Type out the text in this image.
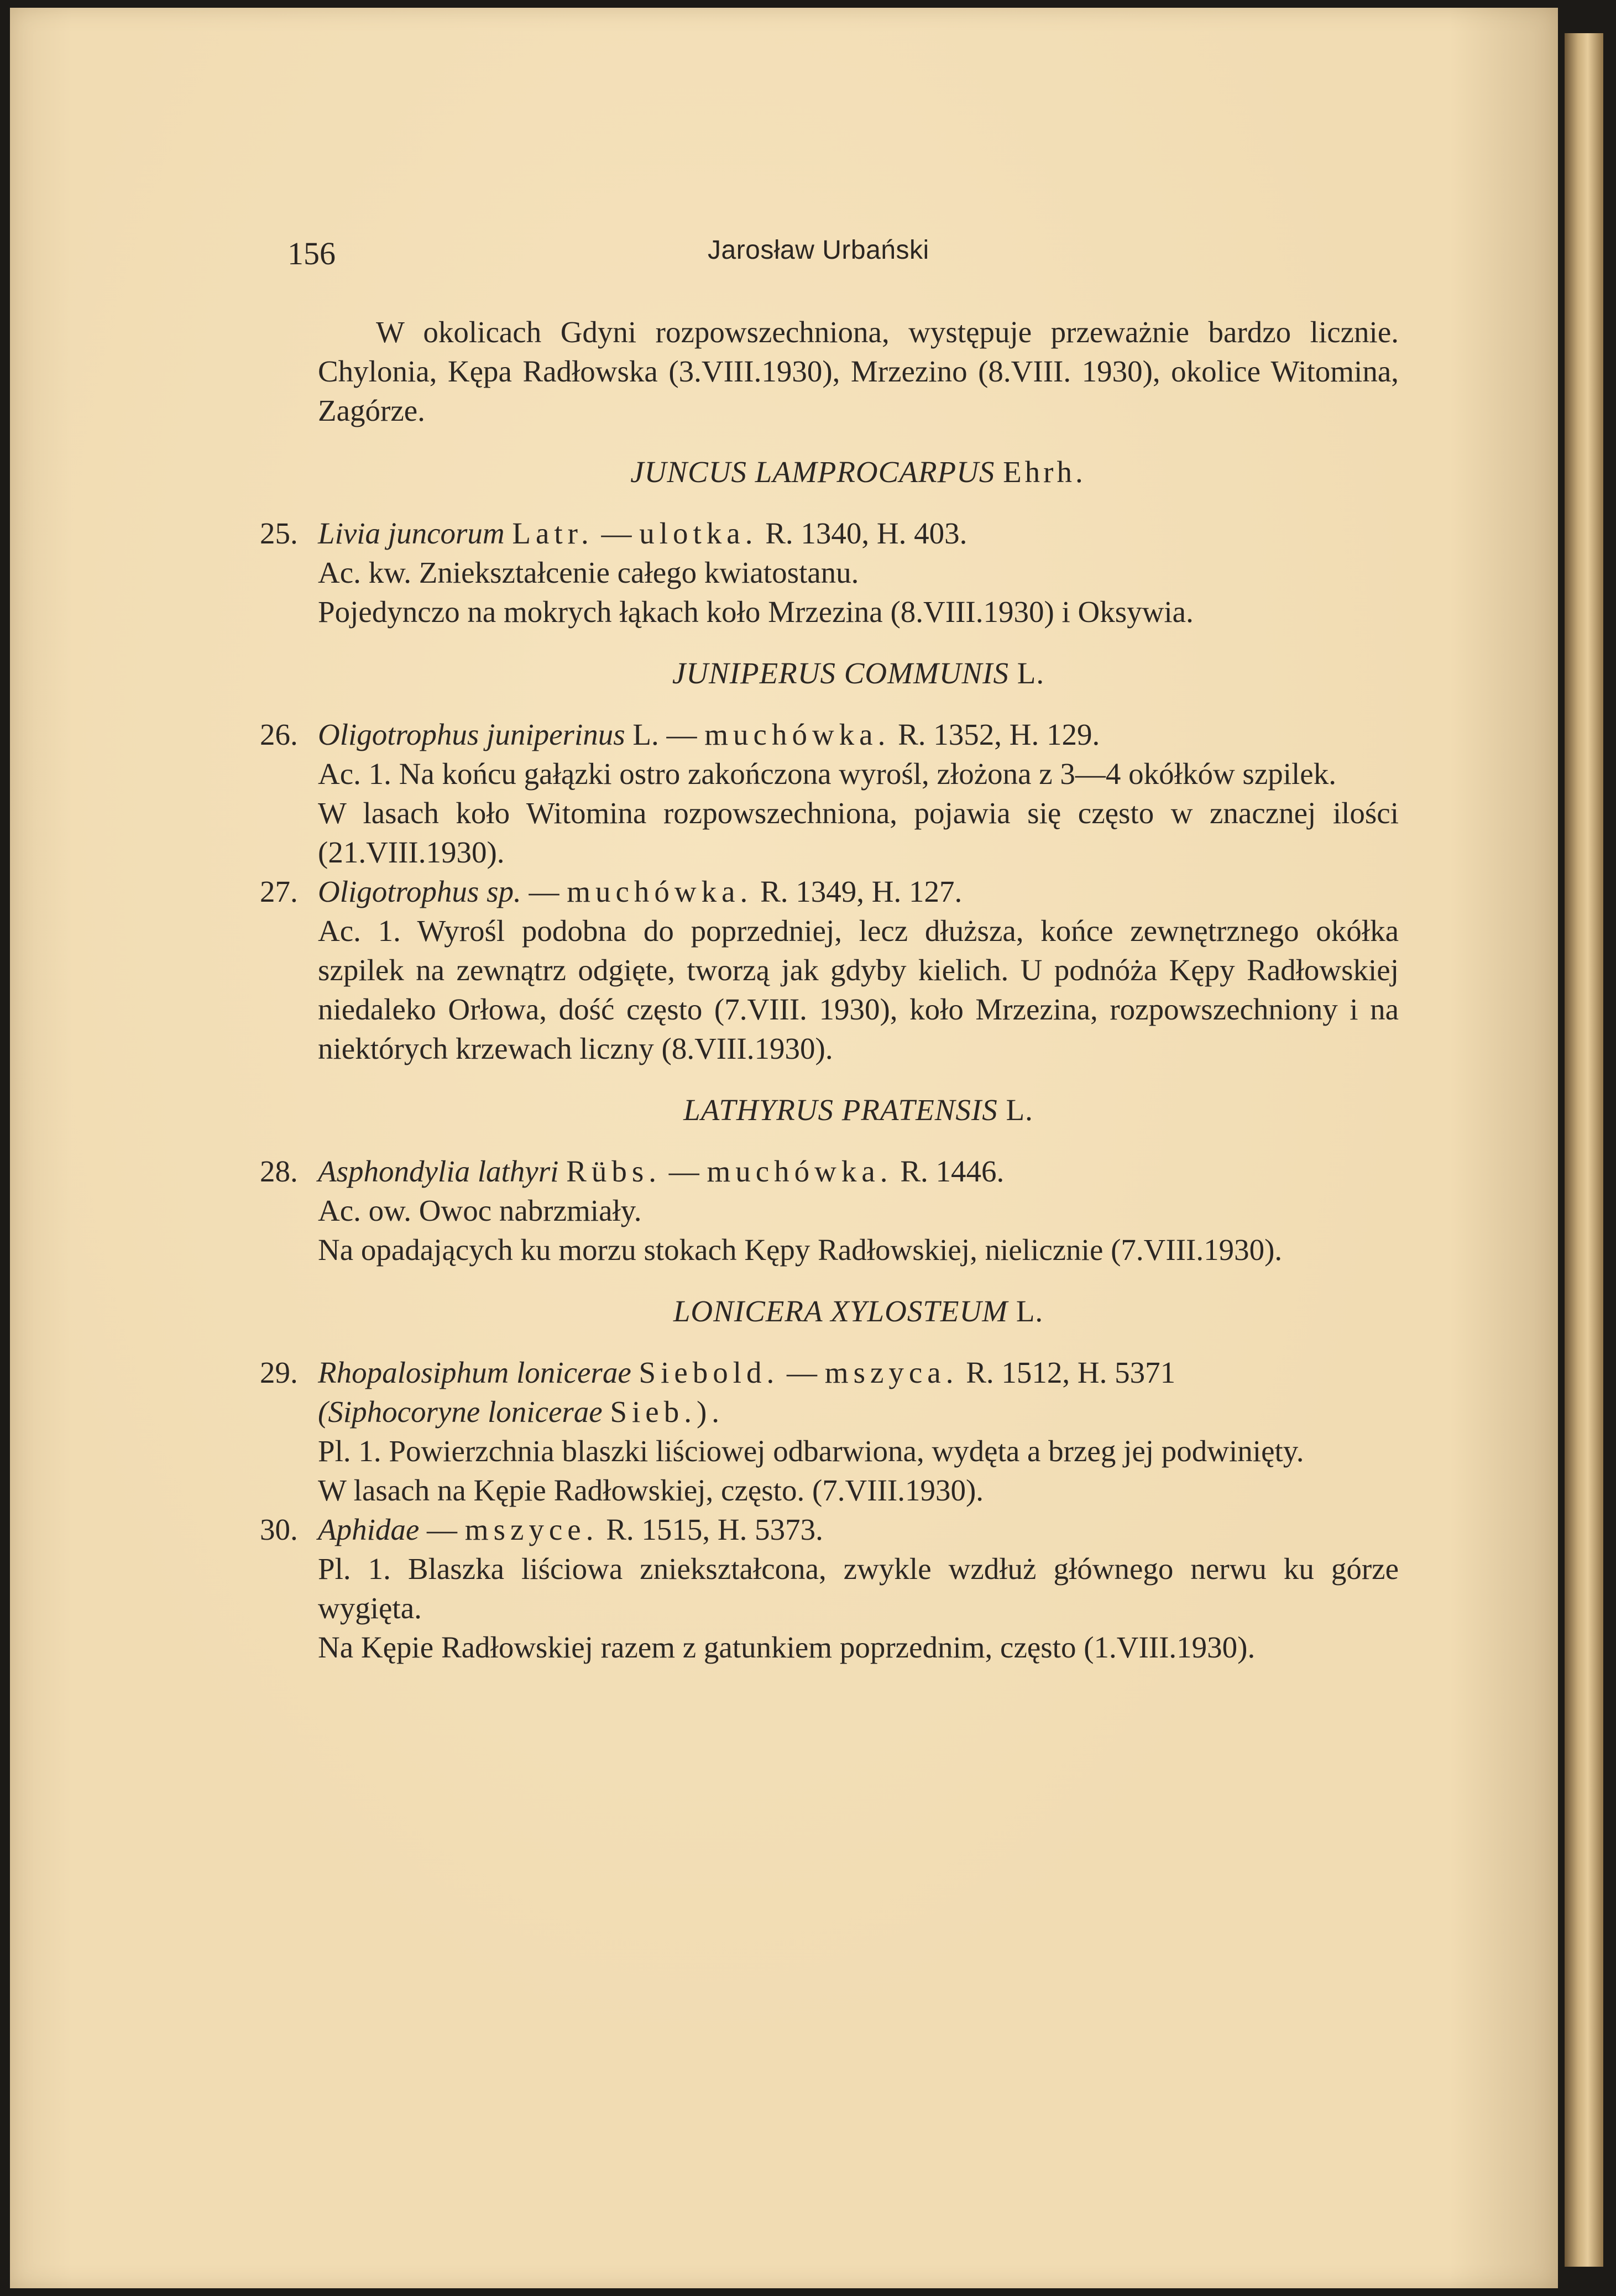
156	Jarosław Urbański

W okolicach Gdyni rozpowszechniona, występuje przeważnie bardzo licznie. Chylonia, Kępa Radłowska (3.VIII.1930), Mrzezino (8.VIII. 1930), okolice Witomina, Zagórze.

JUNCUS LAMPROCARPUS Ehrh.
25. Livia juncorum Latr. — ulotka. R. 1340, H. 403.

Ac. kw. Zniekształcenie całego kwiatostanu.

Pojedynczo na mokrych łąkach koło Mrzezina (8.VIII.1930) i Oksywia.

JUNIPERUS COMMUNIS L.
26. Oligotrophus juniperinus L. — muchówka. R. 1352, H. 129.

Ac. 1. Na końcu gałązki ostro zakończona wyrośl, złożona z 3—4 okółków szpilek.

W lasach koło Witomina rozpowszechniona, pojawia się często w znacznej ilości (21.VIII.1930).

27. Oligotrophus sp. — muchówka. R. 1349, H. 127.

Ac. 1. Wyrośl podobna do poprzedniej, lecz dłuższa, końce zewnętrznego okółka szpilek na zewnątrz odgięte, tworzą jak gdyby kielich. U podnóża Kępy Radłowskiej niedaleko Orłowa, dość często (7.VIII. 1930), koło Mrzezina, rozpowszechniony i na niektórych krzewach liczny (8.VIII.1930).

LATHYRUS PRATENSIS L.
28. Asphondylia lathyri Rübs. — muchówka. R. 1446.

Ac. ow. Owoc nabrzmiały.

Na opadających ku morzu stokach Kępy Radłowskiej, nielicznie (7.VIII.1930).

LONICERA XYLOSTEUM L.
29. Rhopalosiphum lonicerae Siebold. — mszyca. R. 1512, H. 5371

(Siphocoryne lonicerae Sieb.).

Pl. 1. Powierzchnia blaszki liściowej odbarwiona, wydęta a brzeg jej podwinięty.

W lasach na Kępie Radłowskiej, często. (7.VIII.1930).

30. Aphidae — mszyce. R. 1515, H. 5373.

Pl. 1. Blaszka liściowa zniekształcona, zwykle wzdłuż głównego nerwu ku górze wygięta.

Na Kępie Radłowskiej razem z gatunkiem poprzednim, często (1.VIII.1930).
